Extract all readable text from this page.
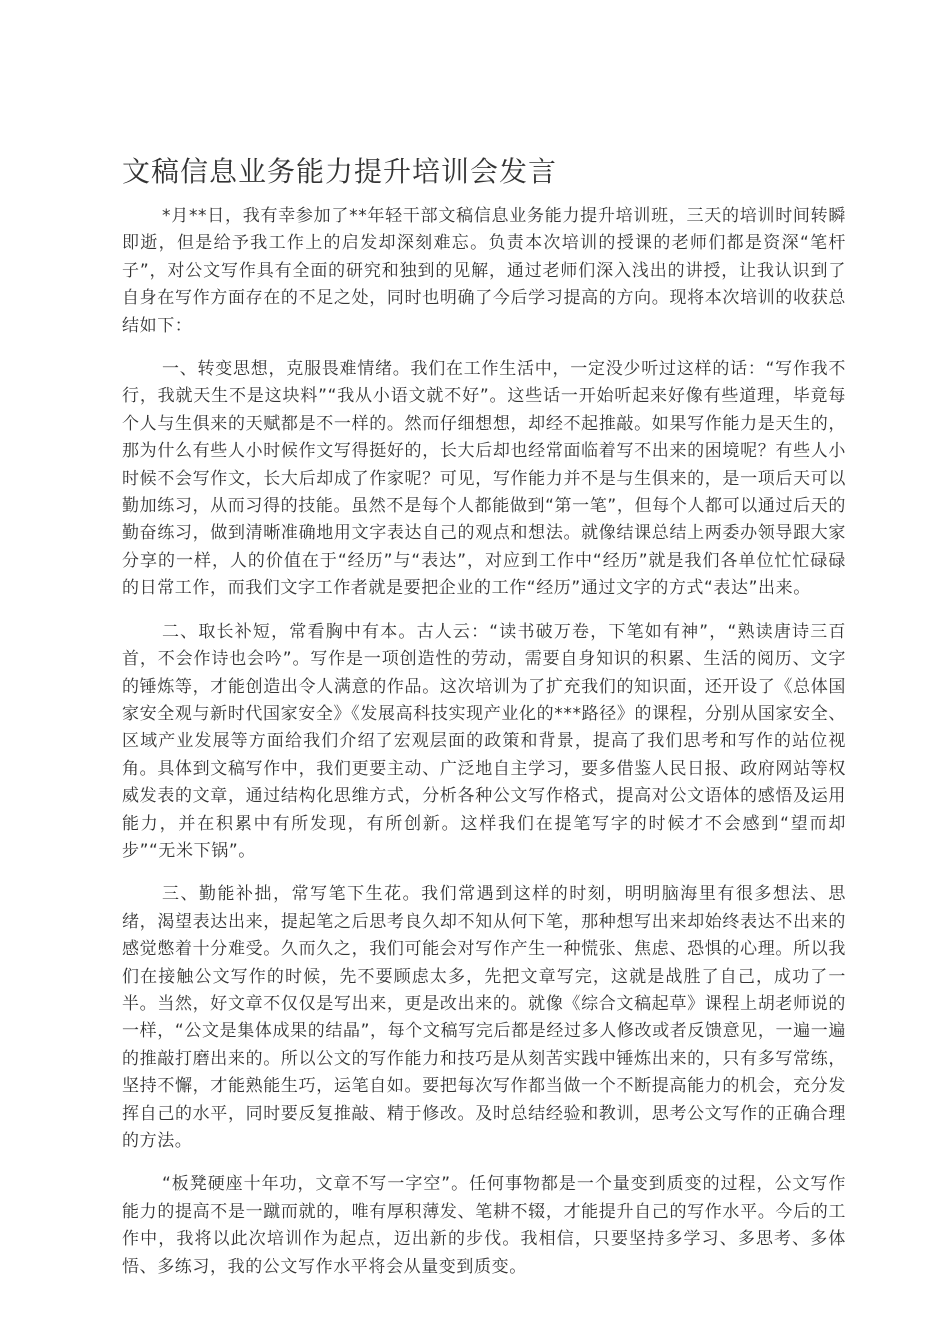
文稿信息业务能力提升培训会发言

*月**日，我有幸参加了**年轻干部文稿信息业务能力提升培训班，三天的培训时间转瞬即逝，但是给予我工作上的启发却深刻难忘。负责本次培训的授课的老师们都是资深“笔杆子”，对公文写作具有全面的研究和独到的见解，通过老师们深入浅出的讲授，让我认识到了自身在写作方面存在的不足之处，同时也明确了今后学习提高的方向。现将本次培训的收获总结如下：

一、转变思想，克服畏难情绪。我们在工作生活中，一定没少听过这样的话：“写作我不行，我就天生不是这块料”“我从小语文就不好”。这些话一开始听起来好像有些道理，毕竟每个人与生俱来的天赋都是不一样的。然而仔细想想，却经不起推敲。如果写作能力是天生的，那为什么有些人小时候作文写得挺好的，长大后却也经常面临着写不出来的困境呢？有些人小时候不会写作文，长大后却成了作家呢？可见，写作能力并不是与生俱来的，是一项后天可以勤加练习，从而习得的技能。虽然不是每个人都能做到“第一笔”，但每个人都可以通过后天的勤奋练习，做到清晰准确地用文字表达自己的观点和想法。就像结课总结上两委办领导跟大家分享的一样，人的价值在于“经历”与“表达”，对应到工作中“经历”就是我们各单位忙忙碌碌的日常工作，而我们文字工作者就是要把企业的工作“经历”通过文字的方式“表达”出来。

二、取长补短，常看胸中有本。古人云：“读书破万卷，下笔如有神”，“熟读唐诗三百首，不会作诗也会吟”。写作是一项创造性的劳动，需要自身知识的积累、生活的阅历、文字的锤炼等，才能创造出令人满意的作品。这次培训为了扩充我们的知识面，还开设了《总体国家安全观与新时代国家安全》《发展高科技实现产业化的***路径》的课程，分别从国家安全、区域产业发展等方面给我们介绍了宏观层面的政策和背景，提高了我们思考和写作的站位视角。具体到文稿写作中，我们更要主动、广泛地自主学习，要多借鉴人民日报、政府网站等权威发表的文章，通过结构化思维方式，分析各种公文写作格式，提高对公文语体的感悟及运用能力，并在积累中有所发现，有所创新。这样我们在提笔写字的时候才不会感到“望而却步”“无米下锅”。

三、勤能补拙，常写笔下生花。我们常遇到这样的时刻，明明脑海里有很多想法、思绪，渴望表达出来，提起笔之后思考良久却不知从何下笔，那种想写出来却始终表达不出来的感觉憋着十分难受。久而久之，我们可能会对写作产生一种慌张、焦虑、恐惧的心理。所以我们在接触公文写作的时候，先不要顾虑太多，先把文章写完，这就是战胜了自己，成功了一半。当然，好文章不仅仅是写出来，更是改出来的。就像《综合文稿起草》课程上胡老师说的一样，“公文是集体成果的结晶”，每个文稿写完后都是经过多人修改或者反馈意见，一遍一遍的推敲打磨出来的。所以公文的写作能力和技巧是从刻苦实践中锤炼出来的，只有多写常练，坚持不懈，才能熟能生巧，运笔自如。要把每次写作都当做一个不断提高能力的机会，充分发挥自己的水平，同时要反复推敲、精于修改。及时总结经验和教训，思考公文写作的正确合理的方法。

“板凳硬座十年功，文章不写一字空”。任何事物都是一个量变到质变的过程，公文写作能力的提高不是一蹴而就的，唯有厚积薄发、笔耕不辍，才能提升自己的写作水平。今后的工作中，我将以此次培训作为起点，迈出新的步伐。我相信，只要坚持多学习、多思考、多体悟、多练习，我的公文写作水平将会从量变到质变。
